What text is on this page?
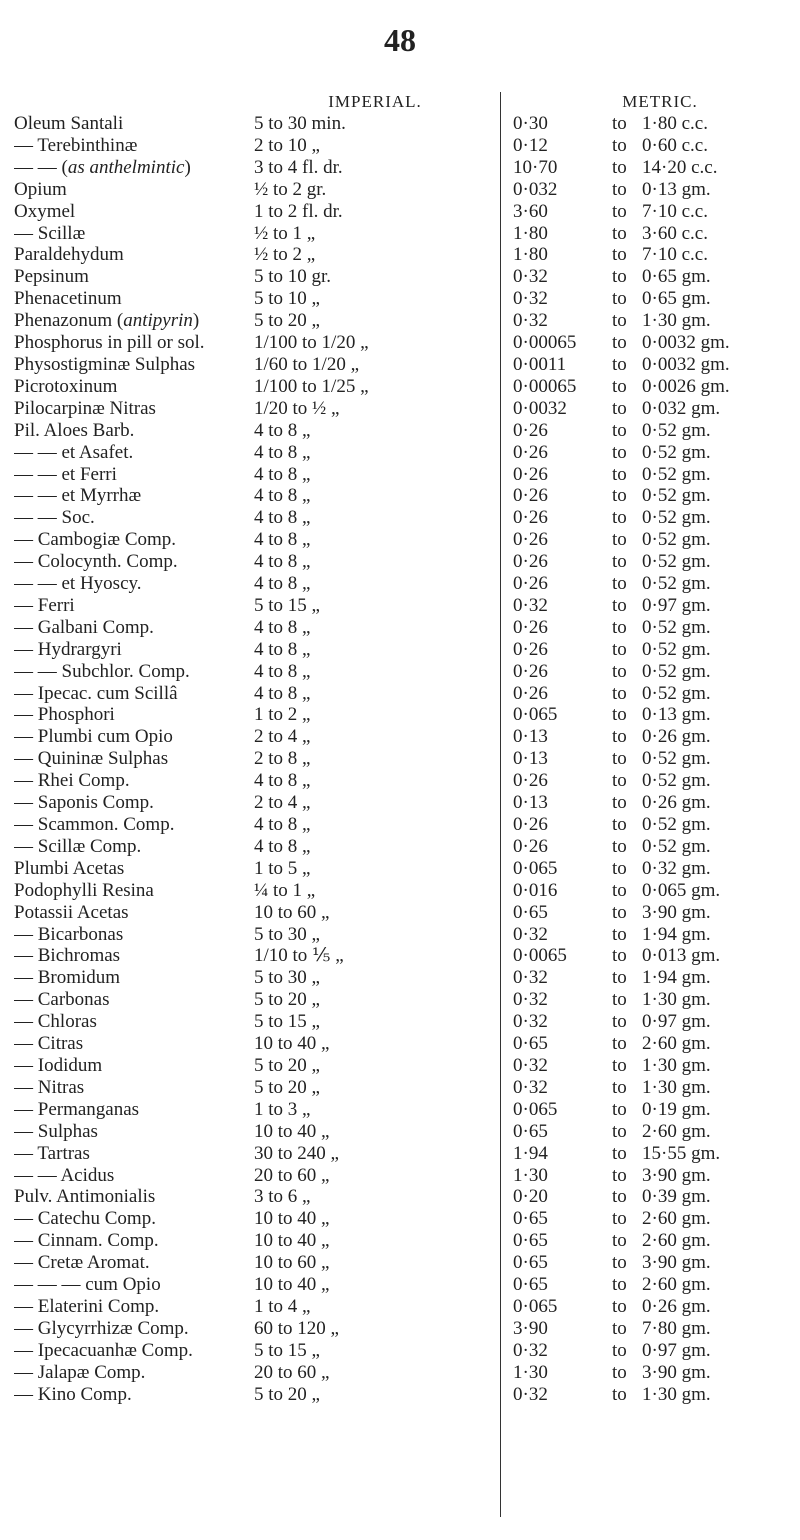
48
IMPERIAL.	METRIC.
Oleum Santali	5 to 30 min.	0·30	to 1·80 c.c.
— Terebinthinæ	2 to 10 „	0·12	to 0·60 c.c.
— — (as anthelmintic)	3 to 4 fl. dr.	10·70	to 14·20 c.c.
Opium	½ to 2 gr.	0·032	to 0·13 gm.
Oxymel	1 to 2 fl. dr.	3·60	to 7·10 c.c.
— Scillæ	½ to 1 „	1·80	to 3·60 c.c.
Paraldehydum	½ to 2 „	1·80	to 7·10 c.c.
Pepsinum	5 to 10 gr.	0·32	to 0·65 gm.
Phenacetinum	5 to 10 „	0·32	to 0·65 gm.
Phenazonum (antipyrin)	5 to 20 „	0·32	to 1·30 gm.
Phosphorus in pill or sol.	1/100 to 1/20 „	0·00065	to 0·0032 gm.
Physostigminæ Sulphas	1/60 to 1/20 „	0·0011	to 0·0032 gm.
Picrotoxinum	1/100 to 1/25 „	0·00065	to 0·0026 gm.
Pilocarpinæ Nitras	1/20 to ½ „	0·0032	to 0·032 gm.
Pil. Aloes Barb.	4 to 8 „	0·26	to 0·52 gm.
— — et Asafet.	4 to 8 „	0·26	to 0·52 gm.
— — et Ferri	4 to 8 „	0·26	to 0·52 gm.
— — et Myrrhæ	4 to 8 „	0·26	to 0·52 gm.
— — Soc.	4 to 8 „	0·26	to 0·52 gm.
— Cambogiæ Comp.	4 to 8 „	0·26	to 0·52 gm.
— Colocynth. Comp.	4 to 8 „	0·26	to 0·52 gm.
— — et Hyoscy.	4 to 8 „	0·26	to 0·52 gm.
— Ferri	5 to 15 „	0·32	to 0·97 gm.
— Galbani Comp.	4 to 8 „	0·26	to 0·52 gm.
— Hydrargyri	4 to 8 „	0·26	to 0·52 gm.
— — Subchlor. Comp.	4 to 8 „	0·26	to 0·52 gm.
— Ipecac. cum Scillâ	4 to 8 „	0·26	to 0·52 gm.
— Phosphori	1 to 2 „	0·065	to 0·13 gm.
— Plumbi cum Opio	2 to 4 „	0·13	to 0·26 gm.
— Quininæ Sulphas	2 to 8 „	0·13	to 0·52 gm.
— Rhei Comp.	4 to 8 „	0·26	to 0·52 gm.
— Saponis Comp.	2 to 4 „	0·13	to 0·26 gm.
— Scammon. Comp.	4 to 8 „	0·26	to 0·52 gm.
— Scillæ Comp.	4 to 8 „	0·26	to 0·52 gm.
Plumbi Acetas	1 to 5 „	0·065	to 0·32 gm.
Podophylli Resina	¼ to 1 „	0·016	to 0·065 gm.
Potassii Acetas	10 to 60 „	0·65	to 3·90 gm.
— Bicarbonas	5 to 30 „	0·32	to 1·94 gm.
— Bichromas	1/10 to ⅕ „	0·0065	to 0·013 gm.
— Bromidum	5 to 30 „	0·32	to 1·94 gm.
— Carbonas	5 to 20 „	0·32	to 1·30 gm.
— Chloras	5 to 15 „	0·32	to 0·97 gm.
— Citras	10 to 40 „	0·65	to 2·60 gm.
— Iodidum	5 to 20 „	0·32	to 1·30 gm.
— Nitras	5 to 20 „	0·32	to 1·30 gm.
— Permanganas	1 to 3 „	0·065	to 0·19 gm.
— Sulphas	10 to 40 „	0·65	to 2·60 gm.
— Tartras	30 to 240 „	1·94	to 15·55 gm.
— — Acidus	20 to 60 „	1·30	to 3·90 gm.
Pulv. Antimonialis	3 to 6 „	0·20	to 0·39 gm.
— Catechu Comp.	10 to 40 „	0·65	to 2·60 gm.
— Cinnam. Comp.	10 to 40 „	0·65	to 2·60 gm.
— Cretæ Aromat.	10 to 60 „	0·65	to 3·90 gm.
— — — cum Opio	10 to 40 „	0·65	to 2·60 gm.
— Elaterini Comp.	1 to 4 „	0·065	to 0·26 gm.
— Glycyrrhizæ Comp.	60 to 120 „	3·90	to 7·80 gm.
— Ipecacuanhæ Comp.	5 to 15 „	0·32	to 0·97 gm.
— Jalapæ Comp.	20 to 60 „	1·30	to 3·90 gm.
— Kino Comp.	5 to 20 „	0·32	to 1·30 gm.
